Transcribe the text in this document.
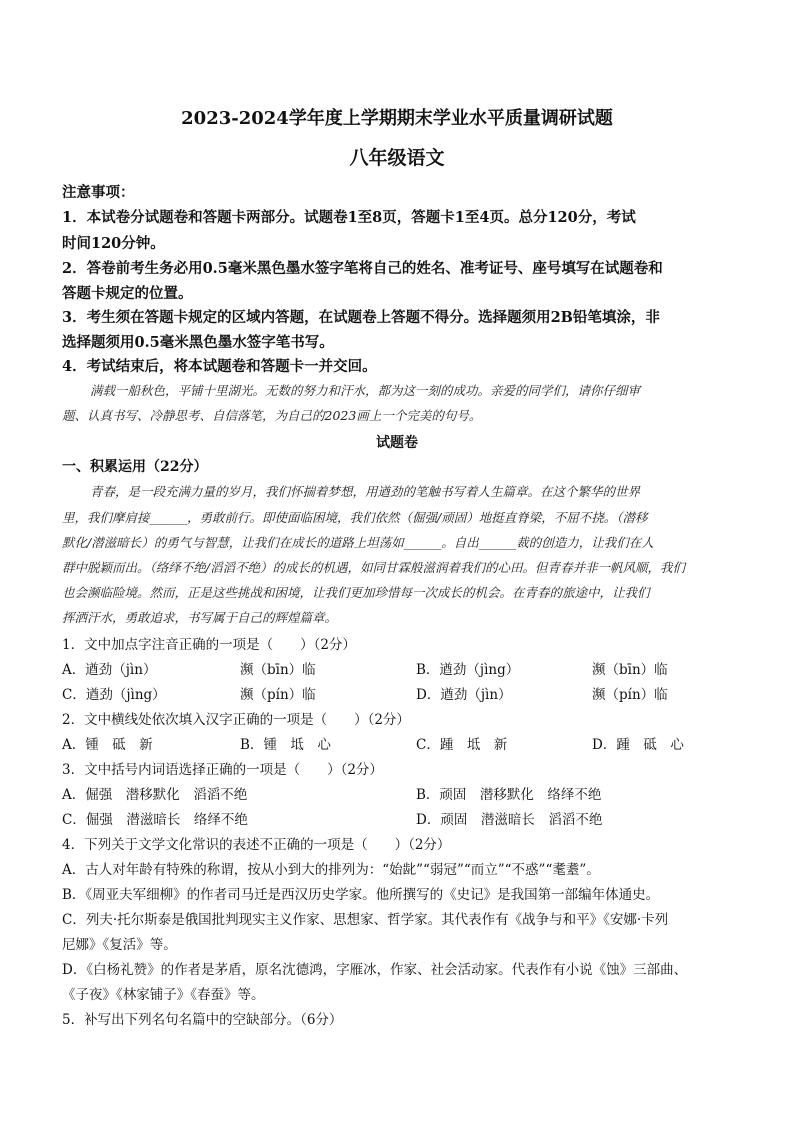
2023-2024学年度上学期期末学业水平质量调研试题
八年级语文
注意事项：
1．本试卷分试题卷和答题卡两部分。试题卷1至8页，答题卡1至4页。总分120分，考试
时间120分钟。
2．答卷前考生务必用0.5毫米黑色墨水签字笔将自己的姓名、准考证号、座号填写在试题卷和
答题卡规定的位置。
3．考生须在答题卡规定的区域内答题，在试题卷上答题不得分。选择题须用2B铅笔填涂，非
选择题须用0.5毫米黑色墨水签字笔书写。
4．考试结束后，将本试题卷和答题卡一并交回。
满载一船秋色，平铺十里湖光。无数的努力和汗水，都为这一刻的成功。亲爱的同学们，请你仔细审
题、认真书写、冷静思考、自信落笔，为自己的2023画上一个完美的句号。
试题卷
一、积累运用（22分）
青春，是一段充满力量的岁月，我们怀揣着梦想，用遒劲的笔触书写着人生篇章。在这个繁华的世界
里，我们摩肩接______，勇敢前行。即使面临困境，我们依然（倔强/顽固）地挺直脊梁，不屈不挠。（潜移
默化/潜滋暗长）的勇气与智慧，让我们在成长的道路上坦荡如______。自出______裁的创造力，让我们在人
群中脱颖而出。（络绎不绝/滔滔不绝）的成长的机遇，如同甘霖般滋润着我们的心田。但青春并非一帆风顺，我们
也会濒临险境。然而，正是这些挑战和困境，让我们更加珍惜每一次成长的机会。在青春的旅途中，让我们
挥洒汗水，勇敢追求，书写属于自己的辉煌篇章。
1．文中加点字注音正确的一项是（　　）（2分）
A．遒劲（jìn）	濒（bīn）临	B．遒劲（jìng）	濒（bīn）临
C．遒劲（jìng）	濒（pín）临	D．遒劲（jìn）	濒（pín）临
2．文中横线处依次填入汉字正确的一项是（　　）（2分）
A．锺　砥　新	B．锺　坻　心	C．踵　坻　新	D．踵　砥　心
3．文中括号内词语选择正确的一项是（　　）（2分）
A．倔强　潜移默化　滔滔不绝	B．顽固　潜移默化　络绎不绝
C．倔强　潜滋暗长　络绎不绝	D．顽固　潜滋暗长　滔滔不绝
4．下列关于文学文化常识的表述不正确的一项是（　　）（2分）
A．古人对年龄有特殊的称谓，按从小到大的排列为：“始龀”“弱冠”“而立”“不惑”“耄耋”。
B．《周亚夫军细柳》的作者司马迁是西汉历史学家。他所撰写的《史记》是我国第一部编年体通史。
C．列夫·托尔斯泰是俄国批判现实主义作家、思想家、哲学家。其代表作有《战争与和平》《安娜·卡列
尼娜》《复活》等。
D．《白杨礼赞》的作者是茅盾，原名沈德鸿，字雁冰，作家、社会活动家。代表作有小说《蚀》三部曲、
《子夜》《林家铺子》《春蚕》等。
5．补写出下列名句名篇中的空缺部分。（6分）
